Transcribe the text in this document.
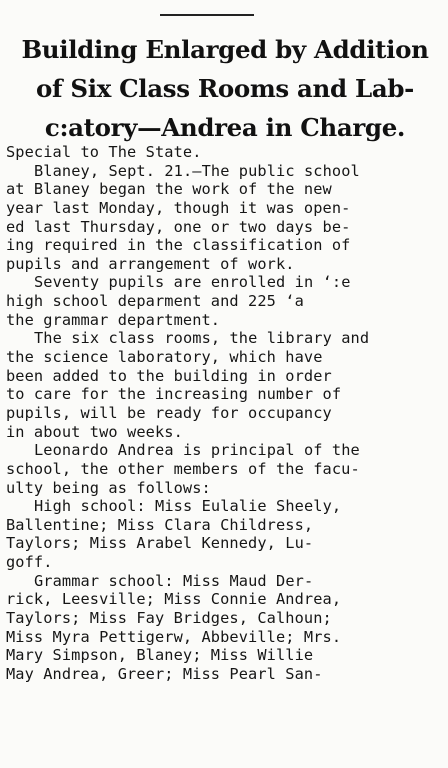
Building Enlarged by Addition
of Six Class Rooms and Lab-
c:atory—Andrea in Charge.
Special to The State.
Blaney, Sept. 21.—The public school
at Blaney began the work of the new
year last Monday, though it was open-
ed last Thursday, one or two days be-
ing required in the classification of
pupils and arrangement of work.
Seventy pupils are enrolled in ‘:e
high school deparment and 225 ‘a
the grammar department.
The six class rooms, the library and
the science laboratory, which have
been added to the building in order
to care for the increasing number of
pupils, will be ready for occupancy
in about two weeks.
Leonardo Andrea is principal of the
school, the other members of the facu-
ulty being as follows:
High school: Miss Eulalie Sheely,
Ballentine; Miss Clara Childress,
Taylors; Miss Arabel Kennedy, Lu-
goff.
Grammar school: Miss Maud Der-
rick, Leesville; Miss Connie Andrea,
Taylors; Miss Fay Bridges, Calhoun;
Miss Myra Pettigerw, Abbeville; Mrs.
Mary Simpson, Blaney; Miss Willie
May Andrea, Greer; Miss Pearl San-
